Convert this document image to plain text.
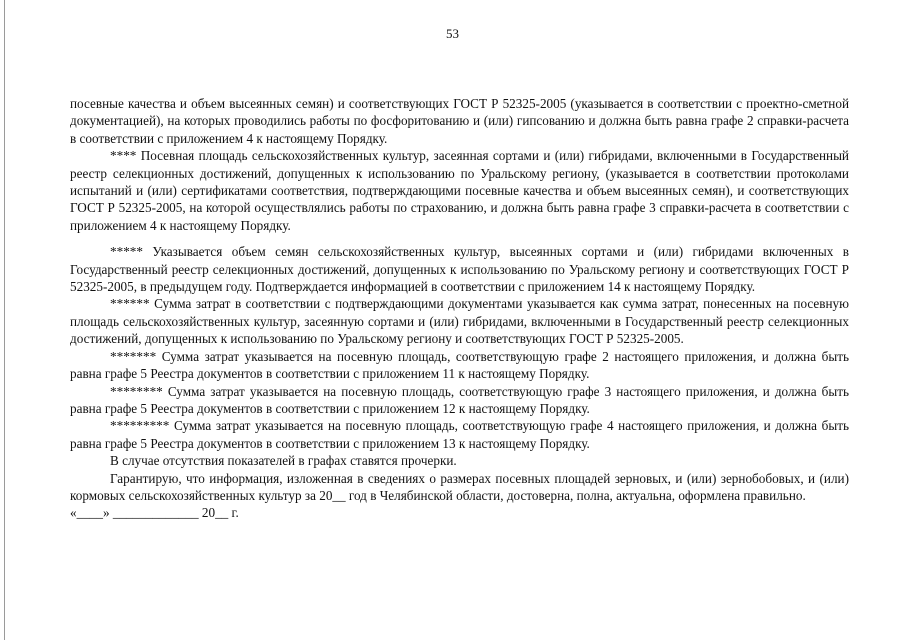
53

посевные качества и объем высеянных семян) и соответствующих ГОСТ Р 52325-2005 (указывается в соответствии с проектно-сметной документацией), на которых проводились работы по фосфоритованию и (или) гипсованию и должна быть равна графе 2 справки-расчета в соответствии с приложением 4 к настоящему Порядку.

**** Посевная площадь сельскохозяйственных культур, засеянная сортами и (или) гибридами, включенными в Государственный реестр селекционных достижений, допущенных к использованию по Уральскому региону, (указывается в соответствии протоколами испытаний и (или) сертификатами соответствия, подтверждающими посевные качества и объем высеянных семян), и соответствующих ГОСТ Р 52325-2005, на которой осуществлялись работы по страхованию, и должна быть равна графе 3 справки-расчета в соответствии с приложением 4 к настоящему Порядку.

***** Указывается объем семян сельскохозяйственных культур, высеянных сортами и (или) гибридами включенных в Государственный реестр селекционных достижений, допущенных к использованию по Уральскому региону и соответствующих ГОСТ Р 52325-2005, в предыдущем году. Подтверждается информацией в соответствии с приложением 14 к настоящему Порядку.

****** Сумма затрат в соответствии с подтверждающими документами указывается как сумма затрат, понесенных на посевную площадь сельскохозяйственных культур, засеянную сортами и (или) гибридами, включенными в Государственный реестр селекционных достижений, допущенных к использованию по Уральскому региону и соответствующих ГОСТ Р 52325-2005.

******* Сумма затрат указывается на посевную площадь, соответствующую графе 2 настоящего приложения, и должна быть равна графе 5 Реестра документов в соответствии с приложением 11 к настоящему Порядку.

******** Сумма затрат указывается на посевную площадь, соответствующую графе 3 настоящего приложения, и должна быть равна графе 5 Реестра документов в соответствии с приложением 12 к настоящему Порядку.

********* Сумма затрат указывается на посевную площадь, соответствующую графе 4 настоящего приложения, и должна быть равна графе 5 Реестра документов в соответствии с приложением 13 к настоящему Порядку.

В случае отсутствия показателей в графах ставятся прочерки.

Гарантирую, что информация, изложенная в сведениях о размерах посевных площадей зерновых, и (или) зернобобовых, и (или) кормовых сельскохозяйственных культур за 20__ год в Челябинской области, достоверна, полна, актуальна, оформлена правильно.

«____» _____________ 20__ г.
